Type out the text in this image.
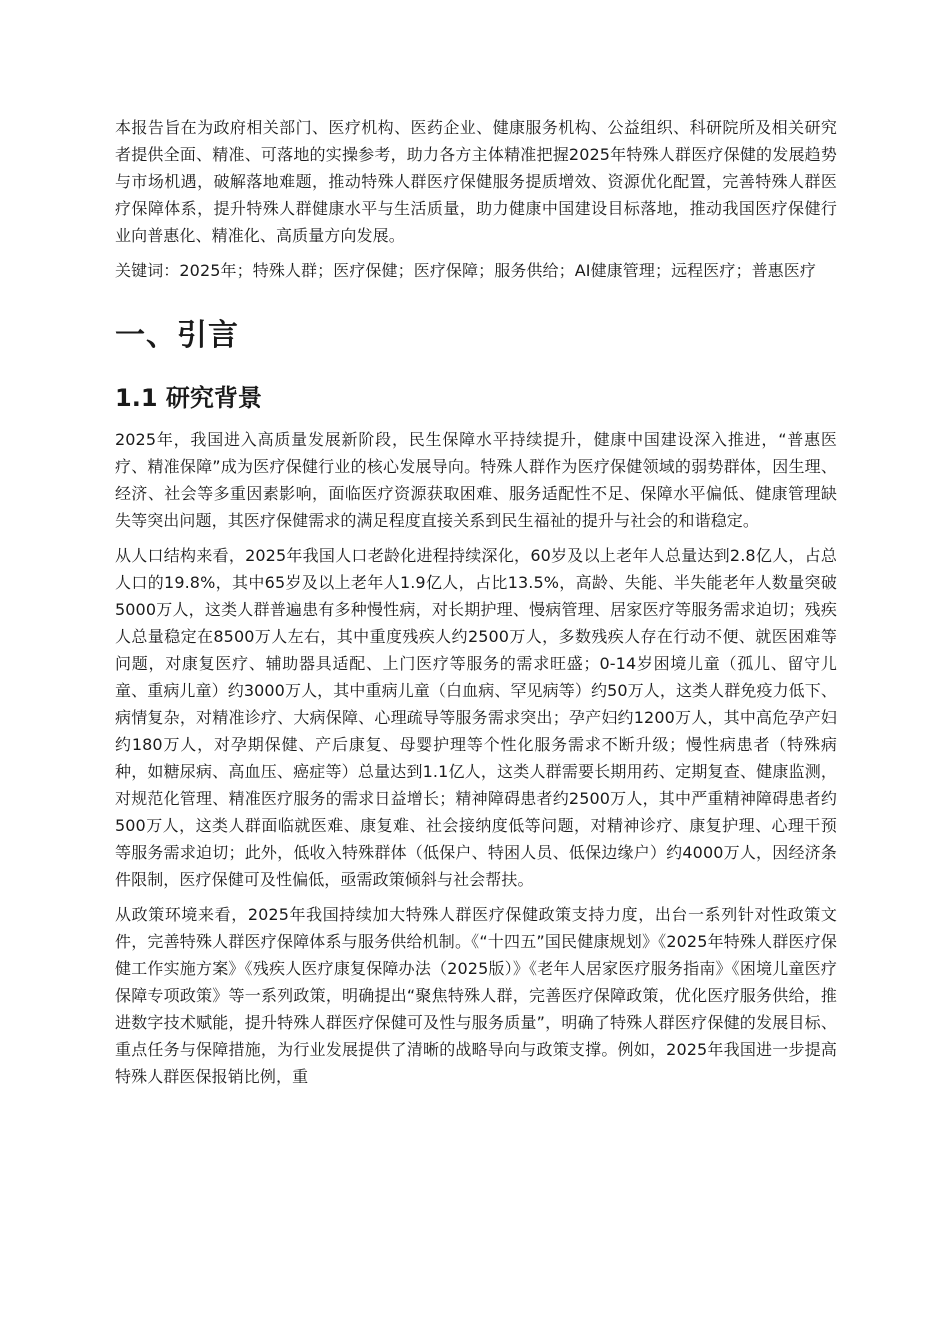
本报告旨在为政府相关部门、医疗机构、医药企业、健康服务机构、公益组织、科研院所及相关研究者提供全面、精准、可落地的实操参考，助力各方主体精准把握2025年特殊人群医疗保健的发展趋势与市场机遇，破解落地难题，推动特殊人群医疗保健服务提质增效、资源优化配置，完善特殊人群医疗保障体系，提升特殊人群健康水平与生活质量，助力健康中国建设目标落地，推动我国医疗保健行业向普惠化、精准化、高质量方向发展。

关键词：2025年；特殊人群；医疗保健；医疗保障；服务供给；AI健康管理；远程医疗；普惠医疗

一、引言
1.1 研究背景

2025年，我国进入高质量发展新阶段，民生保障水平持续提升，健康中国建设深入推进，“普惠医疗、精准保障”成为医疗保健行业的核心发展导向。特殊人群作为医疗保健领域的弱势群体，因生理、经济、社会等多重因素影响，面临医疗资源获取困难、服务适配性不足、保障水平偏低、健康管理缺失等突出问题，其医疗保健需求的满足程度直接关系到民生福祉的提升与社会的和谐稳定。

从人口结构来看，2025年我国人口老龄化进程持续深化，60岁及以上老年人总量达到2.8亿人，占总人口的19.8%，其中65岁及以上老年人1.9亿人，占比13.5%，高龄、失能、半失能老年人数量突破5000万人，这类人群普遍患有多种慢性病，对长期护理、慢病管理、居家医疗等服务需求迫切；残疾人总量稳定在8500万人左右，其中重度残疾人约2500万人，多数残疾人存在行动不便、就医困难等问题，对康复医疗、辅助器具适配、上门医疗等服务的需求旺盛；0-14岁困境儿童（孤儿、留守儿童、重病儿童）约3000万人，其中重病儿童（白血病、罕见病等）约50万人，这类人群免疫力低下、病情复杂，对精准诊疗、大病保障、心理疏导等服务需求突出；孕产妇约1200万人，其中高危孕产妇约180万人，对孕期保健、产后康复、母婴护理等个性化服务需求不断升级；慢性病患者（特殊病种，如糖尿病、高血压、癌症等）总量达到1.1亿人，这类人群需要长期用药、定期复查、健康监测，对规范化管理、精准医疗服务的需求日益增长；精神障碍患者约2500万人，其中严重精神障碍患者约500万人，这类人群面临就医难、康复难、社会接纳度低等问题，对精神诊疗、康复护理、心理干预等服务需求迫切；此外，低收入特殊群体（低保户、特困人员、低保边缘户）约4000万人，因经济条件限制，医疗保健可及性偏低，亟需政策倾斜与社会帮扶。

从政策环境来看，2025年我国持续加大特殊人群医疗保健政策支持力度，出台一系列针对性政策文件，完善特殊人群医疗保障体系与服务供给机制。《“十四五”国民健康规划》《2025年特殊人群医疗保健工作实施方案》《残疾人医疗康复保障办法（2025版）》《老年人居家医疗服务指南》《困境儿童医疗保障专项政策》等一系列政策，明确提出“聚焦特殊人群，完善医疗保障政策，优化医疗服务供给，推进数字技术赋能，提升特殊人群医疗保健可及性与服务质量”，明确了特殊人群医疗保健的发展目标、重点任务与保障措施，为行业发展提供了清晰的战略导向与政策支撑。例如，2025年我国进一步提高特殊人群医保报销比例，重
